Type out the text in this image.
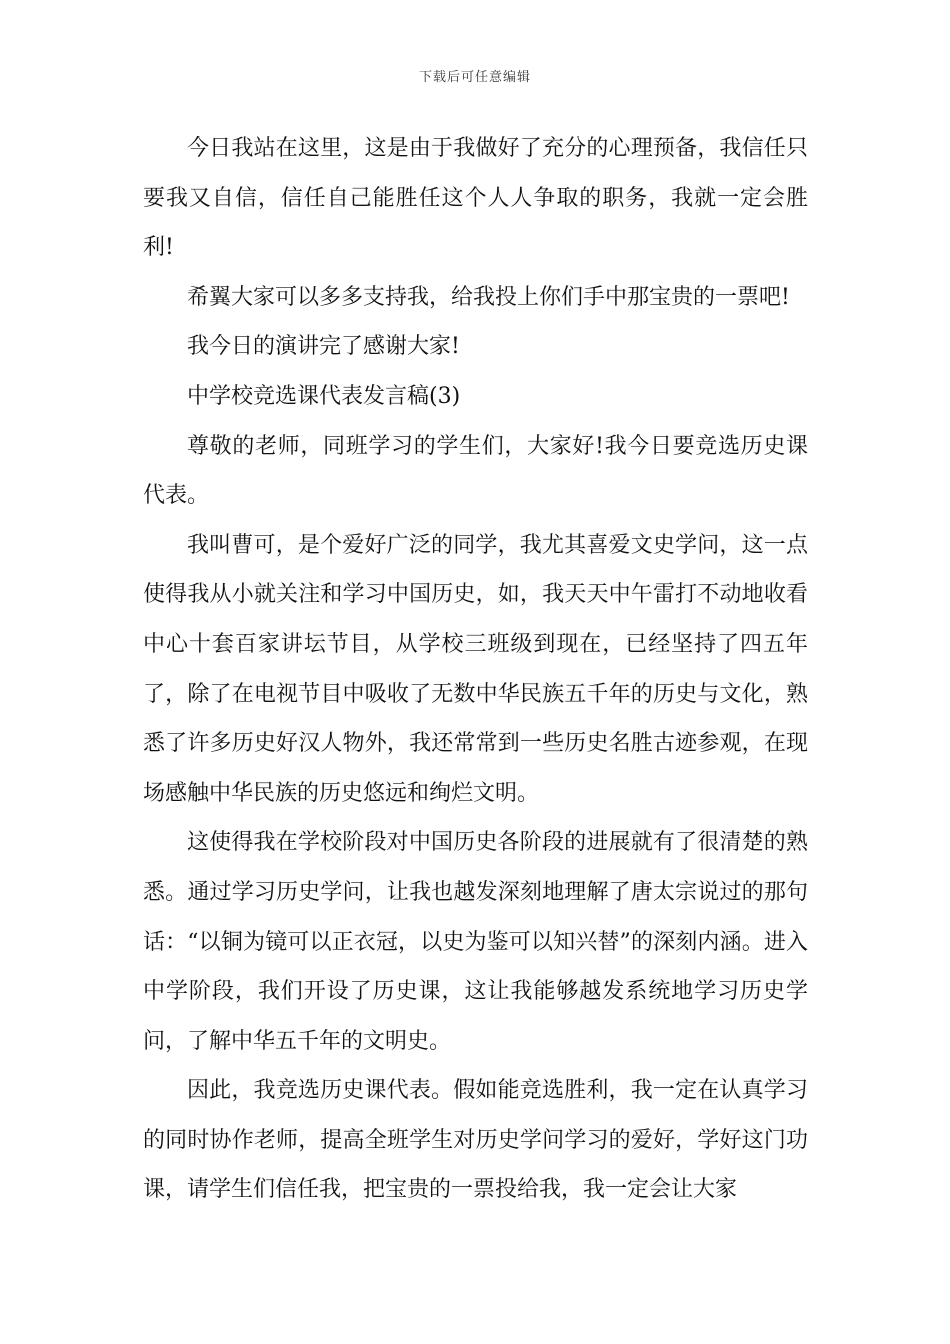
下载后可任意编辑

今日我站在这里，这是由于我做好了充分的心理预备，我信任只要我又自信，信任自己能胜任这个人人争取的职务，我就一定会胜利!

希翼大家可以多多支持我，给我投上你们手中那宝贵的一票吧!

我今日的演讲完了感谢大家!

中学校竞选课代表发言稿(3)

尊敬的老师，同班学习的学生们，大家好!我今日要竞选历史课代表。

我叫曹可，是个爱好广泛的同学，我尤其喜爱文史学问，这一点使得我从小就关注和学习中国历史，如，我天天中午雷打不动地收看中心十套百家讲坛节目，从学校三班级到现在，已经坚持了四五年了，除了在电视节目中吸收了无数中华民族五千年的历史与文化，熟悉了许多历史好汉人物外，我还常常到一些历史名胜古迹参观，在现场感触中华民族的历史悠远和绚烂文明。

这使得我在学校阶段对中国历史各阶段的进展就有了很清楚的熟悉。通过学习历史学问，让我也越发深刻地理解了唐太宗说过的那句话：“以铜为镜可以正衣冠，以史为鉴可以知兴替”的深刻内涵。进入中学阶段，我们开设了历史课，这让我能够越发系统地学习历史学问，了解中华五千年的文明史。

因此，我竞选历史课代表。假如能竞选胜利，我一定在认真学习的同时协作老师，提高全班学生对历史学问学习的爱好，学好这门功课，请学生们信任我，把宝贵的一票投给我，我一定会让大家
